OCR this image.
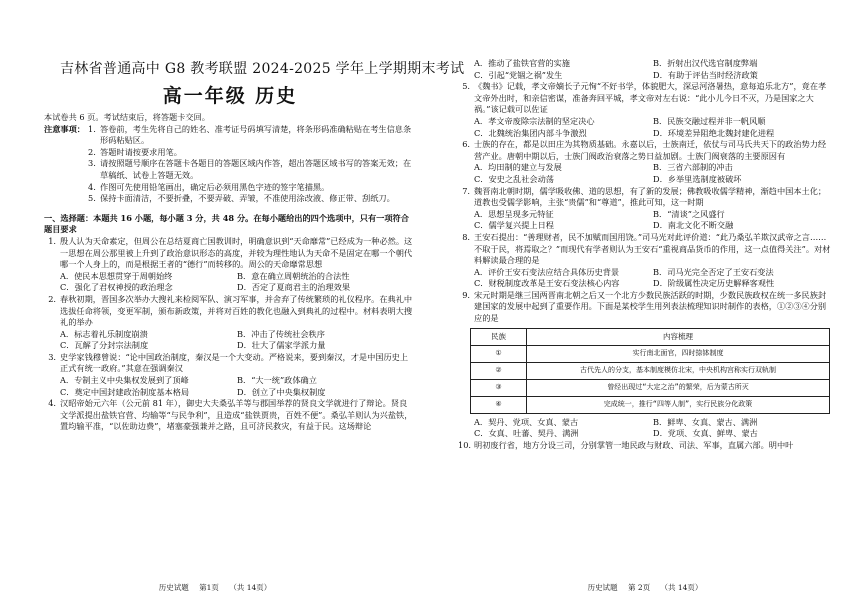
吉林省普通高中 G8 教考联盟 2024-2025 学年上学期期末考试
高一年级 历史

本试卷共 6 页。考试结束后，将答题卡交回。

注意事项： 1. 答卷前，考生先将自己的姓名、准考证号码填写清楚，将条形码准确粘贴在考生信息条形码粘贴区。
2. 答题时请按要求用笔。
3. 请按照题号顺序在答题卡各题目的答题区域内作答，超出答题区域书写的答案无效；在草稿纸、试卷上答题无效。
4. 作图可先使用铅笔画出，确定后必须用黑色字迹的签字笔描黑。
5. 保持卡面清洁，不要折叠，不要弄破、弄皱，不准使用涂改液、修正带、刮纸刀。

一、选择题：本题共 16 小题，每小题 3 分，共 48 分。在每小题给出的四个选项中，只有一项符合题目要求

1. 殷人认为天命素定，但周公在总结夏商亡国教训时，明确意识到“天命靡常”已经成为一种必然。这一思想在周公那里被上升到了政治意识形态的高度，并较为理性地认为天命不是固定在哪一个朝代哪一个人身上的，而是根据王者的“德行”而转移的。周公的天命靡常思想
A．使民本思想贯穿于周朝始终	B．意在确立周朝统治的合法性
C．强化了君权神授的政治理念	D．否定了夏商君主的治理效果
2. 春秋初期，晋国多次举办大搜礼来检阅军队、演习军事，并舍弃了传统繁琐的礼仪程序。在典礼中选拔任命将领，变更军制，颁布新政策，并将对百姓的教化也融入到典礼的过程中。材料表明大搜礼的举办
A．标志着礼乐制度崩溃	B．冲击了传统社会秩序
C．瓦解了分封宗法制度	D．壮大了儒家学派力量
3. 史学家钱穆曾说：“论中国政治制度，秦汉是一个大变动。严格说来，要到秦汉，才是中国历史上正式有统一政府。”其意在强调秦汉
A．专制主义中央集权发展到了顶峰	B．“大一统”政体确立
C．奠定中国封建政治制度基本格局	D．创立了中央集权制度
4. 汉昭帝始元六年（公元前 81 年），御史大夫桑弘羊等与郡国举荐的贤良文学就进行了辩论。贤良文学派提出盐铁官营、均输等“与民争利”，且造成“盐铁贾贵，百姓不便”。桑弘羊则认为兴盐铁，置均输平准，“以佐助边费”，堵塞豪强兼并之路，且可济民救灾，有益于民。这场辩论
历史试题 第1页 （共 14页）
A．推动了盐铁官营的实施	B．折射出汉代选官制度弊端
C．引起“党锢之祸”发生	D．有助于评估当时经济政策
5. 《魏书》记载，孝文帝嫡长子元恂“不好书学，体貌肥大，深忌河洛暑热，意每追乐北方”，竟在孝文帝外出时，和亲信密谋，准备奔回平城，孝文帝对左右说：“此小儿今日不灭，乃是国家之大祸。”该记载可以佐证
A．孝文帝废除宗法制的坚定决心	B．民族交融过程并非一帆风顺
C．北魏统治集团内部斗争激烈	D．环境差异阻绝北魏封建化进程
6. 士族的存在，都是以田庄为其物质基础。永嘉以后，士族南迁，依仗与司马氏共天下的政治势力经营产业。唐朝中期以后，士族门阀政治衰落之势日益加剧。士族门阀衰落的主要原因有
A．均田制的建立与发展	B．三省六部制的冲击
C．安史之乱社会动荡	D．乡举里选制度被破坏
7. 魏晋南北朝时期，儒学吸收佛、道的思想，有了新的发展；佛教吸收儒学精神，渐趋中国本土化；道教也受儒学影响，主张“贵儒”和“尊道”，推此可知，这一时期
A．思想呈现多元特征	B．“清谈”之风盛行
C．儒学复兴提上日程	D．南北文化不断交融
8. 王安石提出：“善理财者，民不加赋而国用饶。”司马光对此评价道：“此乃桑弘羊欺汉武帝之言……不取于民，将焉取之？”而现代有学者则认为王安石“重视商品货币的作用，这一点值得关注”。对材料解读最合理的是
A．评价王安石变法应结合具体历史背景	B．司马光完全否定了王安石变法
C．财税制度改革是王安石变法核心内容	D．阶级属性决定历史解释客观性
9. 宋元时期是继三国两晋南北朝之后又一个北方少数民族活跃的时期，少数民族政权在统一多民族封建国家的发展中起到了重要作用。下面是某校学生用列表法梳理知识时制作的表格，①②③④分别应的是
民族	内容梳理
①	实行南北面官，四时捺钵制度
②	古代先人的分支，基本制度模仿北宋，中央机构宫称实行双轨制
③	曾经出现过“大定之治”的繁荣，后为蒙古所灭
④	完成统一，推行“四等人制”，实行民族分化政策
A．契丹、党项、女真、蒙古	B．鲜卑、女真、蒙古、满洲
C．女真、吐蕃、契丹、满洲	D．党项、女真、鲜卑、蒙古
10. 明初废行省，地方分设三司，分别掌管一地民政与财政、司法、军事，直属六部。明中叶
历史试题 第 2页 （共 14页）
